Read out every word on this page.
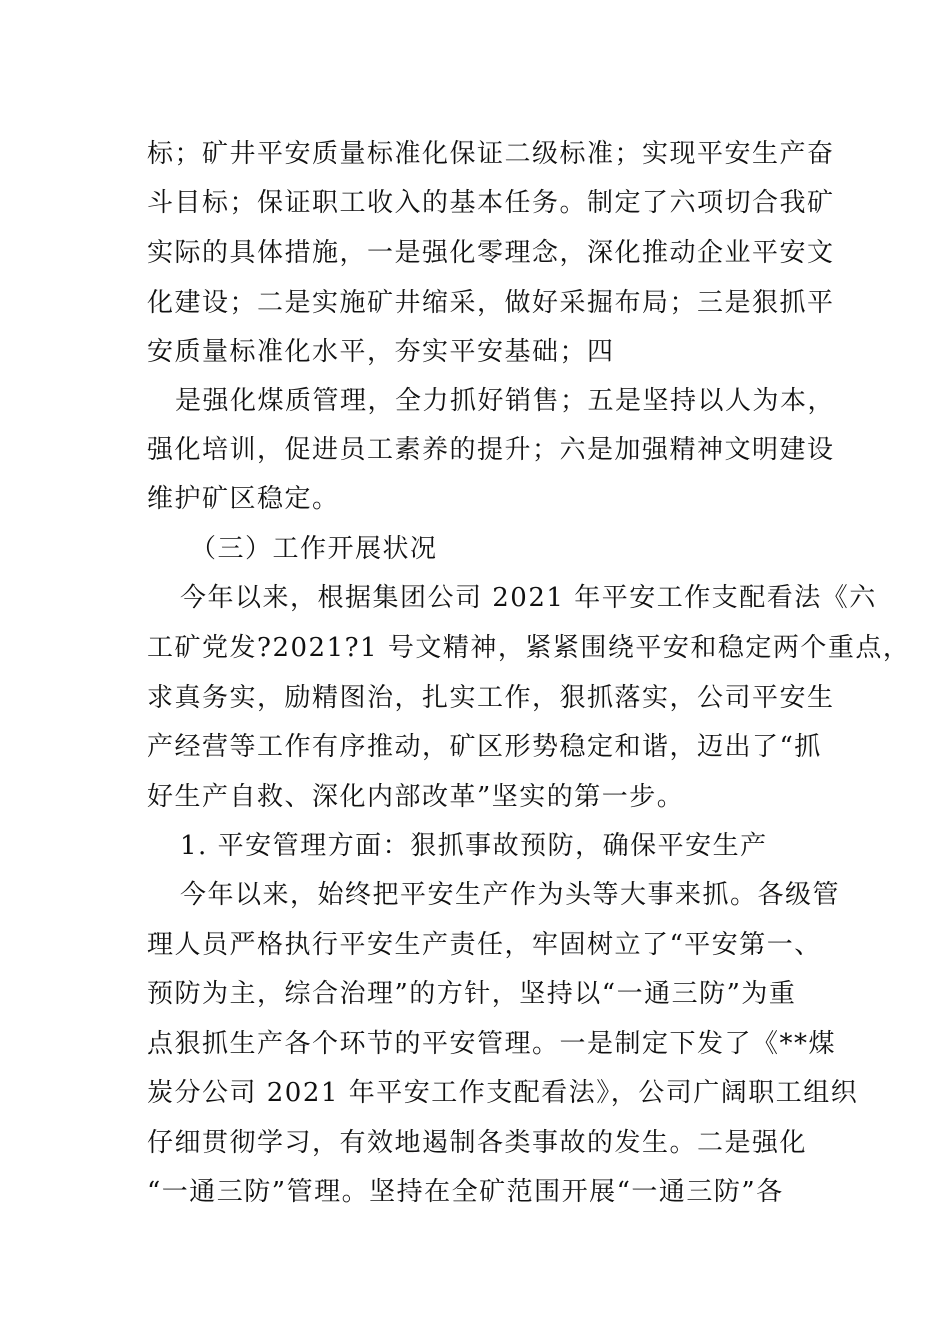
标；矿井平安质量标准化保证二级标准；实现平安生产奋
斗目标；保证职工收入的基本任务。制定了六项切合我矿
实际的具体措施，一是强化零理念，深化推动企业平安文
化建设；二是实施矿井缩采，做好采掘布局；三是狠抓平
安质量标准化水平，夯实平安基础；四
是强化煤质管理，全力抓好销售；五是坚持以人为本，
强化培训，促进员工素养的提升；六是加强精神文明建设
维护矿区稳定。
（三）工作开展状况
今年以来，根据集团公司 2021 年平安工作支配看法《六
工矿党发?2021?1 号文精神，紧紧围绕平安和稳定两个重点，
求真务实，励精图治，扎实工作，狠抓落实，公司平安生
产经营等工作有序推动，矿区形势稳定和谐，迈出了“抓
好生产自救、深化内部改革”坚实的第一步。
1. 平安管理方面：狠抓事故预防，确保平安生产
今年以来，始终把平安生产作为头等大事来抓。各级管
理人员严格执行平安生产责任，牢固树立了“平安第一、
预防为主，综合治理”的方针，坚持以“一通三防”为重
点狠抓生产各个环节的平安管理。一是制定下发了《**煤
炭分公司 2021 年平安工作支配看法》，公司广阔职工组织
仔细贯彻学习，有效地遏制各类事故的发生。二是强化
“一通三防”管理。坚持在全矿范围开展“一通三防”各
